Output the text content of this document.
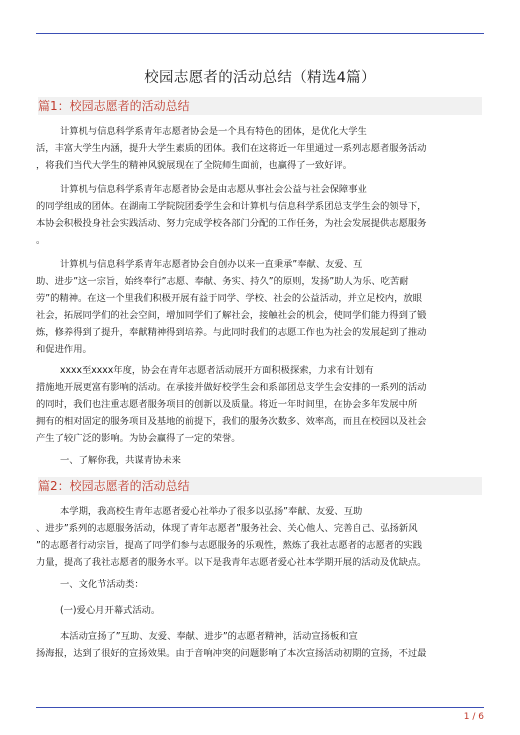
校园志愿者的活动总结（精选4篇）
篇1：校园志愿者的活动总结
计算机与信息科学系青年志愿者协会是一个具有特色的团体，是优化大学生
活，丰富大学生内涵，提升大学生素质的团体。我们在这将近一年里通过一系列志愿者服务活动
，将我们当代大学生的精神风貌展现在了全院师生面前，也赢得了一致好评。
计算机与信息科学系青年志愿者协会是由志愿从事社会公益与社会保障事业
的同学组成的团体。在湖南工学院院团委学生会和计算机与信息科学系团总支学生会的领导下，
本协会积极投身社会实践活动、努力完成学校各部门分配的工作任务，为社会发展提供志愿服务
。
计算机与信息科学系青年志愿者协会自创办以来一直秉承”奉献、友爱、互
助、进步”这一宗旨，始终奉行”志愿、奉献、务实、持久”的原则，发扬”助人为乐、吃苦耐
劳”的精神。在这一个里我们积极开展有益于同学、学校、社会的公益活动，并立足校内，放眼
社会，拓展同学们的社会空间，增加同学们了解社会，接触社会的机会，使同学们能力得到了锻
炼，修养得到了提升，奉献精神得到培养。与此同时我们的志愿工作也为社会的发展起到了推动
和促进作用。
xxxx至xxxx年度，协会在青年志愿者活动展开方面积极探索，力求有计划有
措施地开展更富有影响的活动。在承接并做好校学生会和系部团总支学生会安排的一系列的活动
的同时，我们也注重志愿者服务项目的创新以及质量。将近一年时间里，在协会多年发展中所
拥有的相对固定的服务项目及基地的前提下，我们的服务次数多、效率高，而且在校园以及社会
产生了较广泛的影响。为协会赢得了一定的荣誉。
一、了解你我，共谋青协未来
篇2：校园志愿者的活动总结
本学期，我高校生青年志愿者爱心社举办了很多以弘扬”奉献、友爱、互助
、进步”系列的志愿服务活动，体现了青年志愿者”服务社会、关心他人、完善自己、弘扬新风
”的志愿者行动宗旨，提高了同学们参与志愿服务的乐观性，熬炼了我社志愿者的志愿者的实践
力量，提高了我社志愿者的服务水平。以下是我青年志愿者爱心社本学期开展的活动及优缺点。
一、文化节活动类：
(一)爱心月开幕式活动。
本活动宣扬了”互助、友爱、奉献、进步”的志愿者精神，活动宣扬板和宣
扬海报，达到了很好的宣扬效果。由于音响冲突的问题影响了本次宣扬活动初期的宣扬，不过最
1 / 6
